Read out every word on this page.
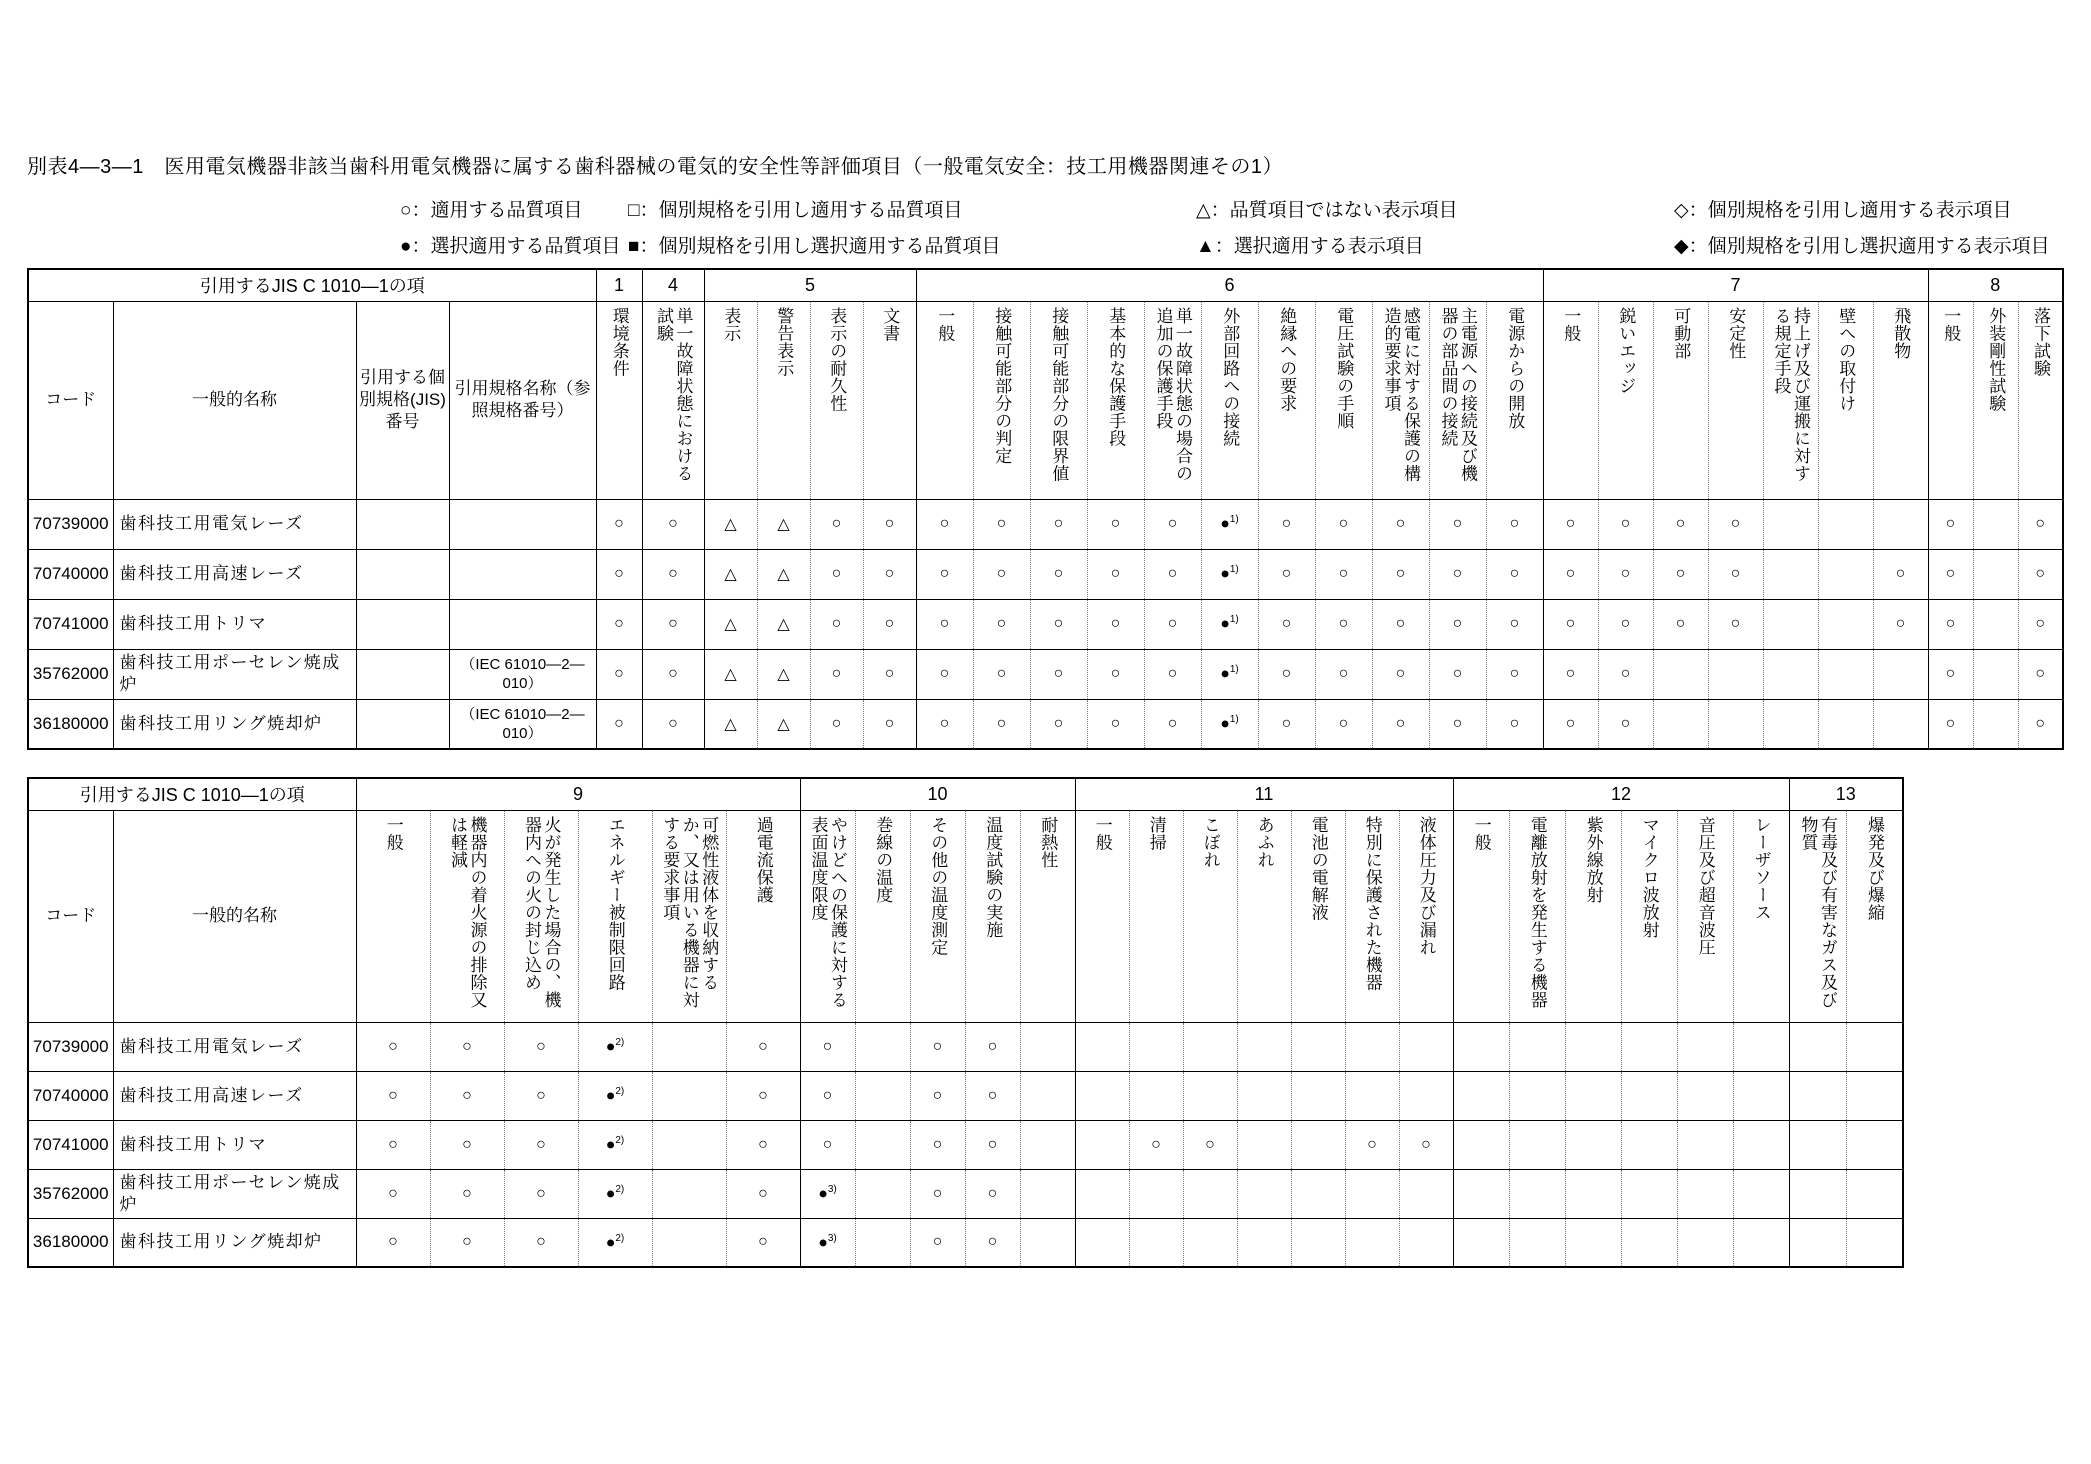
別表4—3—1　医用電気機器非該当歯科用電気機器に属する歯科器械の電気的安全性等評価項目（一般電気安全：技工用機器関連その1）
○：適用する品質項目	□：個別規格を引用し適用する品質項目	△：品質項目ではない表示項目	◇：個別規格を引用し適用する表示項目
●：選択適用する品質項目 ■：個別規格を引用し選択適用する品質項目	▲：選択適用する表示項目	◆：個別規格を引用し選択適用する表示項目
引用するJIS C 1010—1の項				1	4	5				6											7							8		
コード	一般的名称	引用する個別規格(JIS)番号	引用規格名称（参照規格番号）	環境条件	単一故障状態における試験	表示	警告表示	表示の耐久性	文書	一般	接触可能部分の判定	接触可能部分の限界値	基本的な保護手段	単一故障状態の場合の追加の保護手段	外部回路への接続	絶縁への要求	電圧試験の手順	感電に対する保護の構造的要求事項	主電源への接続及び機器の部品間の接続	電源からの開放	一般	鋭いエッジ	可動部	安定性	持上げ及び運搬に対する規定手段	壁への取付け	飛散物	一般	外装剛性試験	落下試験
70739000	歯科技工用電気レーズ			○	○	△	△	○	○	○	○	○	○	○	●$^{1)}$	○	○	○	○	○	○	○	○	○				○		○
70740000	歯科技工用高速レーズ			○	○	△	△	○	○	○	○	○	○	○	●$^{1)}$	○	○	○	○	○	○	○	○	○			○	○		○
70741000	歯科技工用トリマ			○	○	△	△	○	○	○	○	○	○	○	●$^{1)}$	○	○	○	○	○	○	○	○	○			○	○		○
35762000	歯科技工用ポーセレン焼成炉		（IEC 61010—2—010）	○	○	△	△	○	○	○	○	○	○	○	●$^{1)}$	○	○	○	○	○	○	○						○		○
36180000	歯科技工用リング焼却炉		（IEC 61010—2—010）	○	○	△	△	○	○	○	○	○	○	○	●$^{1)}$	○	○	○	○	○	○	○						○		○
引用するJIS C 1010—1の項		9						10					11							12						13	
コード	一般的名称	一般	機器内の着火源の排除又は軽減	火が発生した場合の、機器内への火の封じ込め	エネルギー被制限回路	可燃性液体を収納するか、又は用いる機器に対する要求事項	過電流保護	やけどへの保護に対する表面温度限度	巻線の温度	その他の温度測定	温度試験の実施	耐熱性	一般	清掃	こぼれ	あふれ	電池の電解液	特別に保護された機器	液体圧力及び漏れ	一般	電離放射を発生する機器	紫外線放射	マイクロ波放射	音圧及び超音波圧	レーザソース	有毒及び有害なガス及び物質	爆発及び爆縮
70739000	歯科技工用電気レーズ	○	○	○	●$^{2)}$		○	○		○	○																
70740000	歯科技工用高速レーズ	○	○	○	●$^{2)}$		○	○		○	○																
70741000	歯科技工用トリマ	○	○	○	●$^{2)}$		○	○		○	○			○	○			○	○								
35762000	歯科技工用ポーセレン焼成炉	○	○	○	●$^{2)}$		○	●$^{3)}$		○	○																
36180000	歯科技工用リング焼却炉	○	○	○	●$^{2)}$		○	●$^{3)}$		○	○																
